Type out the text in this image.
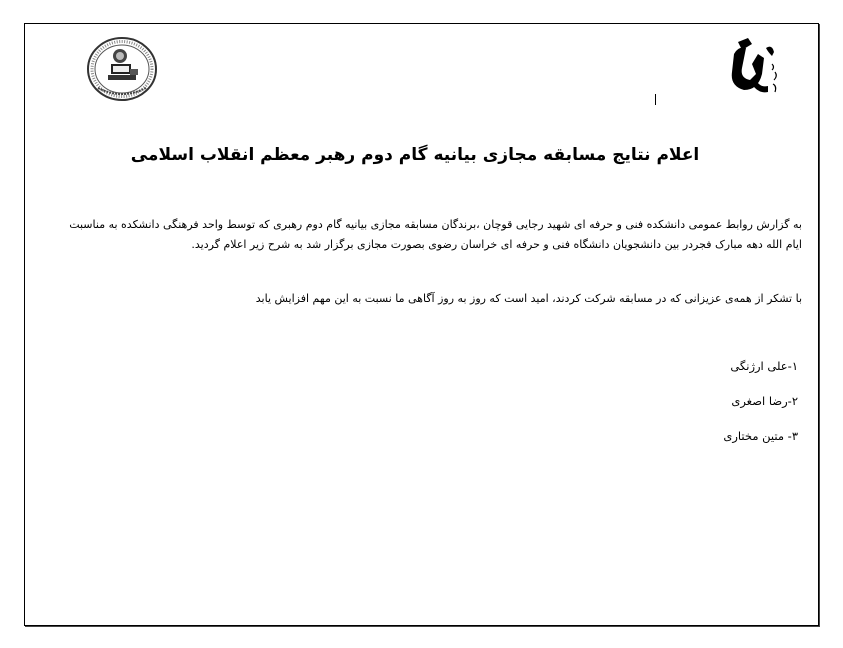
اعلام نتایج مسابقه مجازی بیانیه گام دوم رهبر معظم انقلاب اسلامی

به گزارش روابط عمومی دانشکده فنی و حرفه ای شهید رجایی قوچان ،برندگان مسابقه مجازی بیانیه گام دوم رهبری که توسط واحد فرهنگی دانشکده به مناسبت ایام الله دهه مبارک فجردر بین دانشجویان دانشگاه فنی و حرفه ای خراسان رضوی بصورت مجازی برگزار شد به شرح زیر اعلام گردید.

با تشکر از همه‌ی عزیزانی که در مسابقه شرکت کردند، امید است که روز به روز آگاهی ما نسبت به این مهم افزایش یابد

۱-علی ارژنگی
۲-رضا اصغری
۳- متین مختاری
